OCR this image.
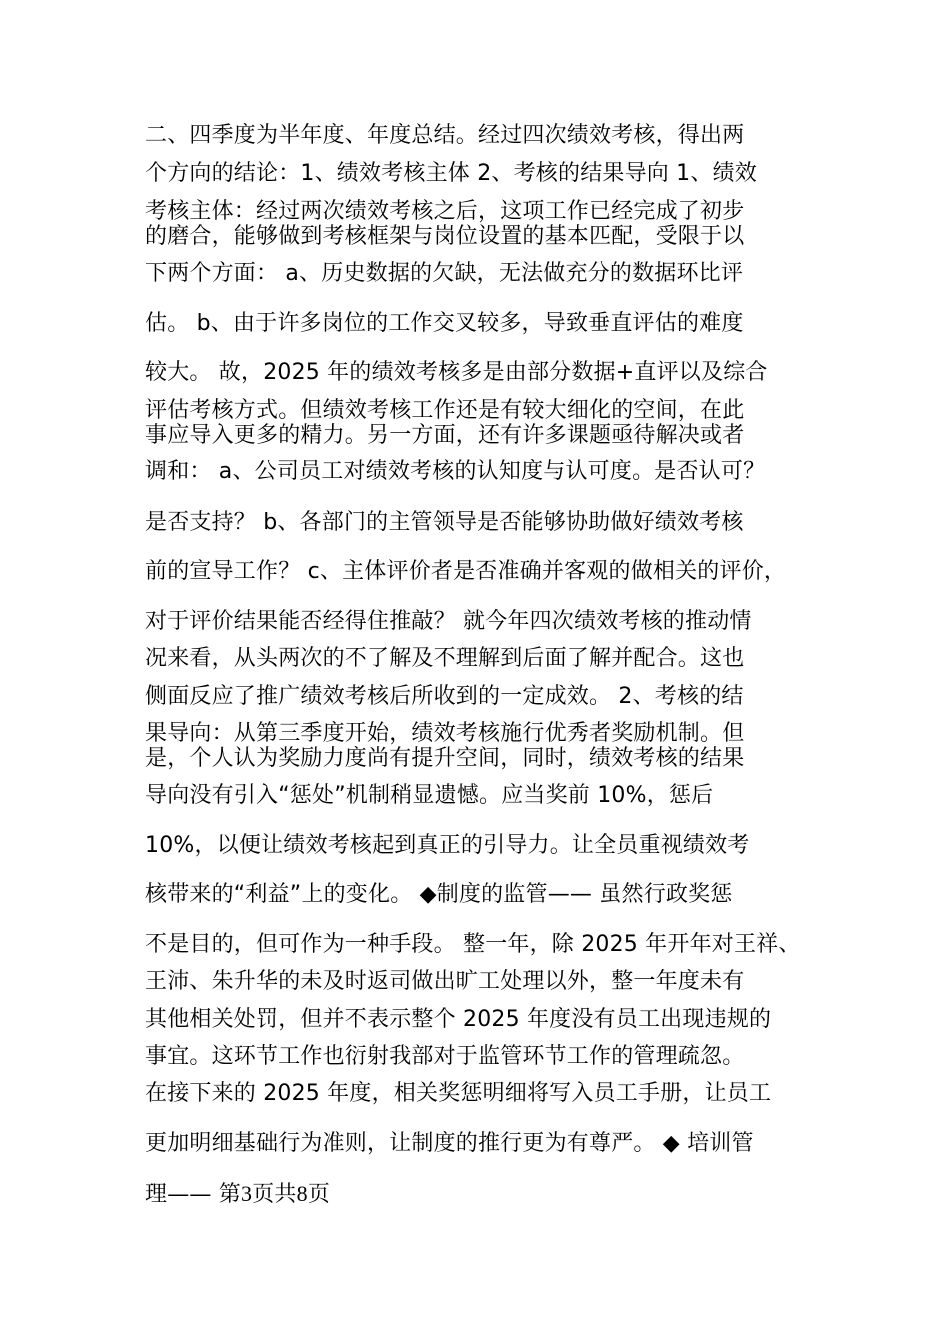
二、四季度为半年度、年度总结。经过四次绩效考核，得出两
个方向的结论：1、绩效考核主体 2、考核的结果导向 1、绩效
考核主体：经过两次绩效考核之后，这项工作已经完成了初步
的磨合，能够做到考核框架与岗位设置的基本匹配，受限于以
下两个方面： a、历史数据的欠缺，无法做充分的数据环比评
估。 b、由于许多岗位的工作交叉较多，导致垂直评估的难度
较大。 故，2025 年的绩效考核多是由部分数据+直评以及综合
评估考核方式。但绩效考核工作还是有较大细化的空间，在此
事应导入更多的精力。另一方面，还有许多课题亟待解决或者
调和： a、公司员工对绩效考核的认知度与认可度。是否认可？
是否支持？ b、各部门的主管领导是否能够协助做好绩效考核
前的宣导工作？ c、主体评价者是否准确并客观的做相关的评价，
对于评价结果能否经得住推敲？ 就今年四次绩效考核的推动情
况来看，从头两次的不了解及不理解到后面了解并配合。这也
侧面反应了推广绩效考核后所收到的一定成效。 2、考核的结
果导向：从第三季度开始，绩效考核施行优秀者奖励机制。但
是，个人认为奖励力度尚有提升空间，同时，绩效考核的结果
导向没有引入“惩处”机制稍显遗憾。应当奖前 10%，惩后
10%，以便让绩效考核起到真正的引导力。让全员重视绩效考
核带来的“利益”上的变化。 ◆制度的监管—— 虽然行政奖惩
不是目的，但可作为一种手段。 整一年，除 2025 年开年对王祥、
王沛、朱升华的未及时返司做出旷工处理以外，整一年度未有
其他相关处罚，但并不表示整个 2025 年度没有员工出现违规的
事宜。这环节工作也衍射我部对于监管环节工作的管理疏忽。
在接下来的 2025 年度，相关奖惩明细将写入员工手册，让员工
更加明细基础行为准则，让制度的推行更为有尊严。 ◆ 培训管
理—— 第3页共8页
